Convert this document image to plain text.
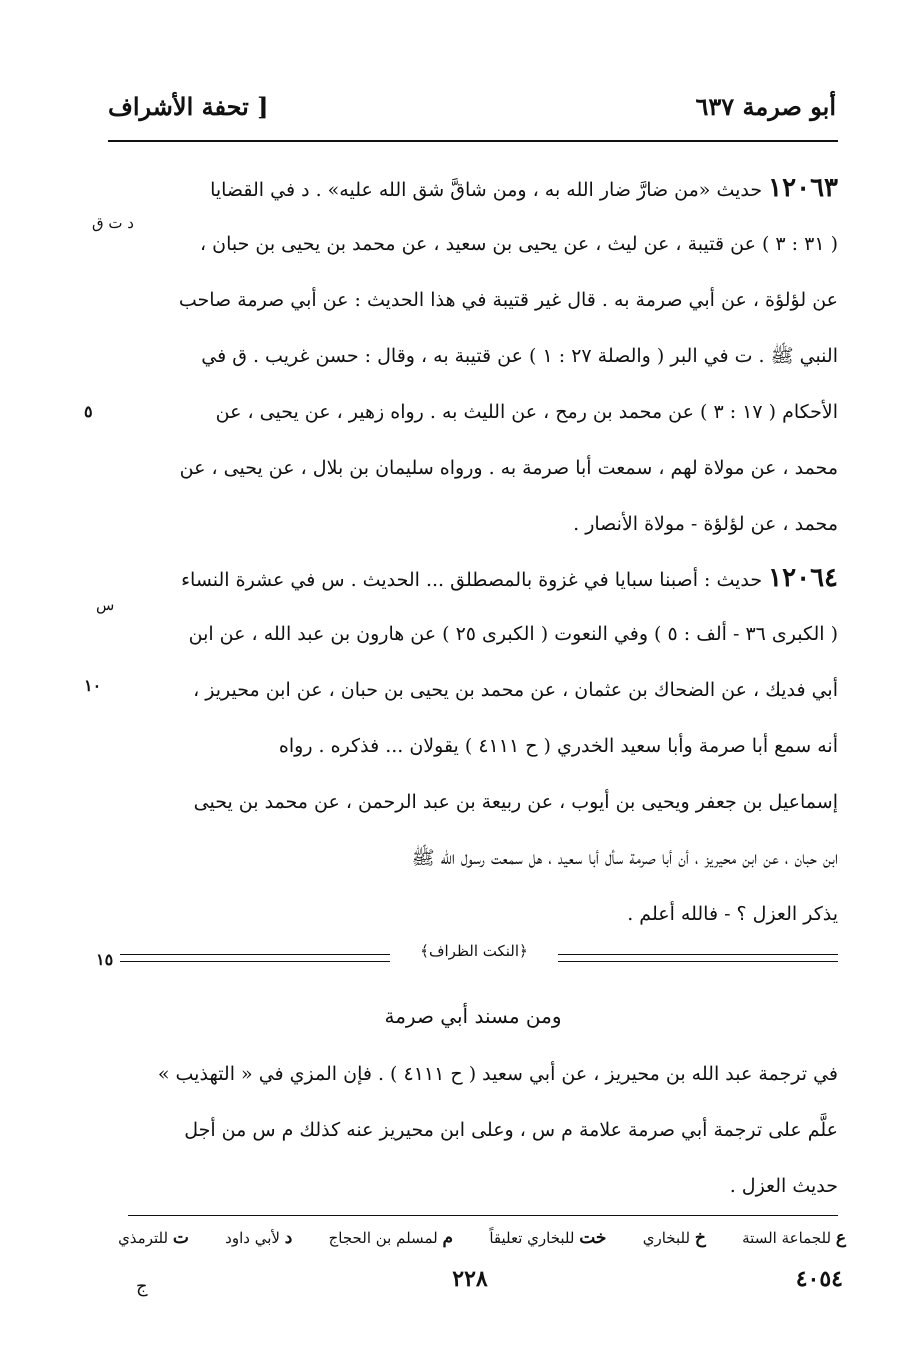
أبو صرمة ٦٣٧
[ تحفة الأشراف
د ت ق
١٢٠٦٣ حديث «من ضارَّ ضار الله به ، ومن شاقَّ شق الله عليه» . د في القضايا
( ٣١ : ٣ ) عن قتيبة ، عن ليث ، عن يحيى بن سعيد ، عن محمد بن يحيى بن حبان ،
عن لؤلؤة ، عن أبي صرمة به . قال غير قتيبة في هذا الحديث : عن أبي صرمة صاحب
النبي ﷺ . ت في البر ( والصلة ٢٧ : ١ ) عن قتيبة به ، وقال : حسن غريب . ق في
الأحكام ( ١٧ : ٣ ) عن محمد بن رمح ، عن الليث به . رواه زهير ، عن يحيى ، عن
محمد ، عن مولاة لهم ، سمعت أبا صرمة به . ورواه سليمان بن بلال ، عن يحيى ، عن
محمد ، عن لؤلؤة - مولاة الأنصار .
٥
س
١٢٠٦٤ حديث : أصبنا سبايا في غزوة بالمصطلق ... الحديث . س في عشرة النساء
( الكبرى ٣٦ - ألف : ٥ ) وفي النعوت ( الكبرى ٢٥ ) عن هارون بن عبد الله ، عن ابن
أبي فديك ، عن الضحاك بن عثمان ، عن محمد بن يحيى بن حبان ، عن ابن محيريز ،
أنه سمع أبا صرمة وأبا سعيد الخدري ( ح ٤١١١ ) يقولان ... فذكره . رواه
إسماعيل بن جعفر ويحيى بن أيوب ، عن ربيعة بن عبد الرحمن ، عن محمد بن يحيى
ابن حبان ، عن ابن محيريز ، أن أبا صرمة سأل أبا سعيد ، هل سمعت رسول الله ﷺ
يذكر العزل ؟ - فالله أعلم .
١٠
﴿النكت الظراف﴾
١٥
ومن مسند أبي صرمة
في ترجمة عبد الله بن محيريز ، عن أبي سعيد ( ح ٤١١١ ) . فإن المزي في « التهذيب »
علَّم على ترجمة أبي صرمة علامة م س ، وعلى ابن محيريز عنه كذلك م س من أجل
حديث العزل .
ع للجماعة الستة
خ للبخاري
خت للبخاري تعليقاً
م لمسلم بن الحجاج
د لأبي داود
ت للترمذي
٢٢٨	٤٠٥٤
ج
